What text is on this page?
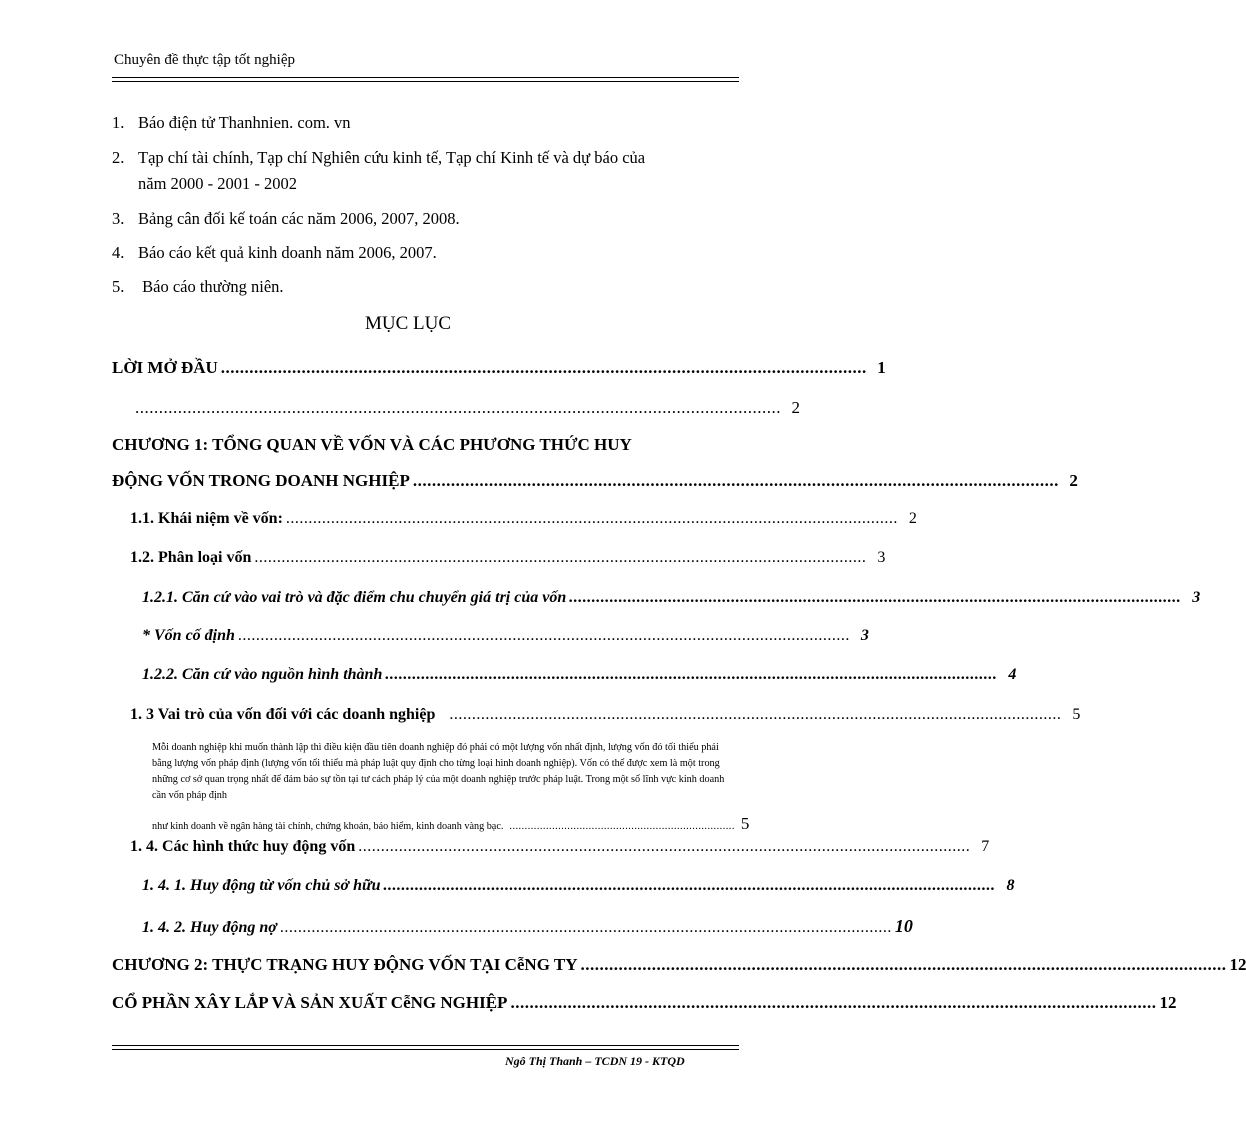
Chuyên đề thực tập tốt nghiệp
1. Báo điện tử Thanhnien. com. vn
2. Tạp chí tài chính, Tạp chí Nghiên cứu kinh tế, Tạp chí Kinh tế và dự báo của
năm 2000 - 2001 - 2002
3. Bảng cân đối kế toán các năm 2006, 2007, 2008.
4. Báo cáo kết quả kinh doanh năm 2006, 2007.
5. Báo cáo thường niên.
MỤC LỤC
LỜI MỞ ĐẦU ........................................................................................................................................ 1
........................................................................................................................................ 2
CHƯƠNG 1: TỔNG QUAN VỀ VỐN VÀ CÁC PHƯƠNG THỨC HUY
ĐỘNG VỐN TRONG DOANH NGHIỆP ........................................................................................................................................ 2
1.1. Khái niệm về vốn: ........................................................................................................................................ 2
1.2. Phân loại vốn ........................................................................................................................................ 3
1.2.1. Căn cứ vào vai trò và đặc điểm chu chuyển giá trị của vốn ........................................................................................................................................ 3
* Vốn cố định ........................................................................................................................................ 3
1.2.2. Căn cứ vào nguồn hình thành ........................................................................................................................................ 4
1. 3 Vai trò của vốn đối với các doanh nghiệp ........................................................................................................................................ 5
Mỗi doanh nghiệp khi muốn thành lập thì điều kiện đầu tiên doanh nghiệp đó phải có một lượng vốn nhất định, lượng vốn đó tối thiểu phải bằng lượng vốn pháp định (lượng vốn tối thiểu mà pháp luật quy định cho từng loại hình doanh nghiệp). Vốn có thể được xem là một trong những cơ sở quan trọng nhất để đảm bảo sự tồn tại tư cách pháp lý của một doanh nghiệp trước pháp luật. Trong một số lĩnh vực kinh doanh cần vốn pháp định
như kinh doanh về ngân hàng tài chính, chứng khoán, bảo hiểm, kinh doanh vàng bạc. .......................................................................... 5
1. 4. Các hình thức huy động vốn ........................................................................................................................................ 7
1. 4. 1. Huy động từ vốn chủ sở hữu ........................................................................................................................................ 8
1. 4. 2. Huy động nợ ........................................................................................................................................ 10
CHƯƠNG 2: THỰC TRẠNG HUY ĐỘNG VỐN TẠI CễNG TY ........................................................................................................................................ 12
CỔ PHẦN XÂY LẮP VÀ SẢN XUẤT CễNG NGHIỆP ........................................................................................................................................ 12
Ngô Thị Thanh – TCDN 19 - KTQD
